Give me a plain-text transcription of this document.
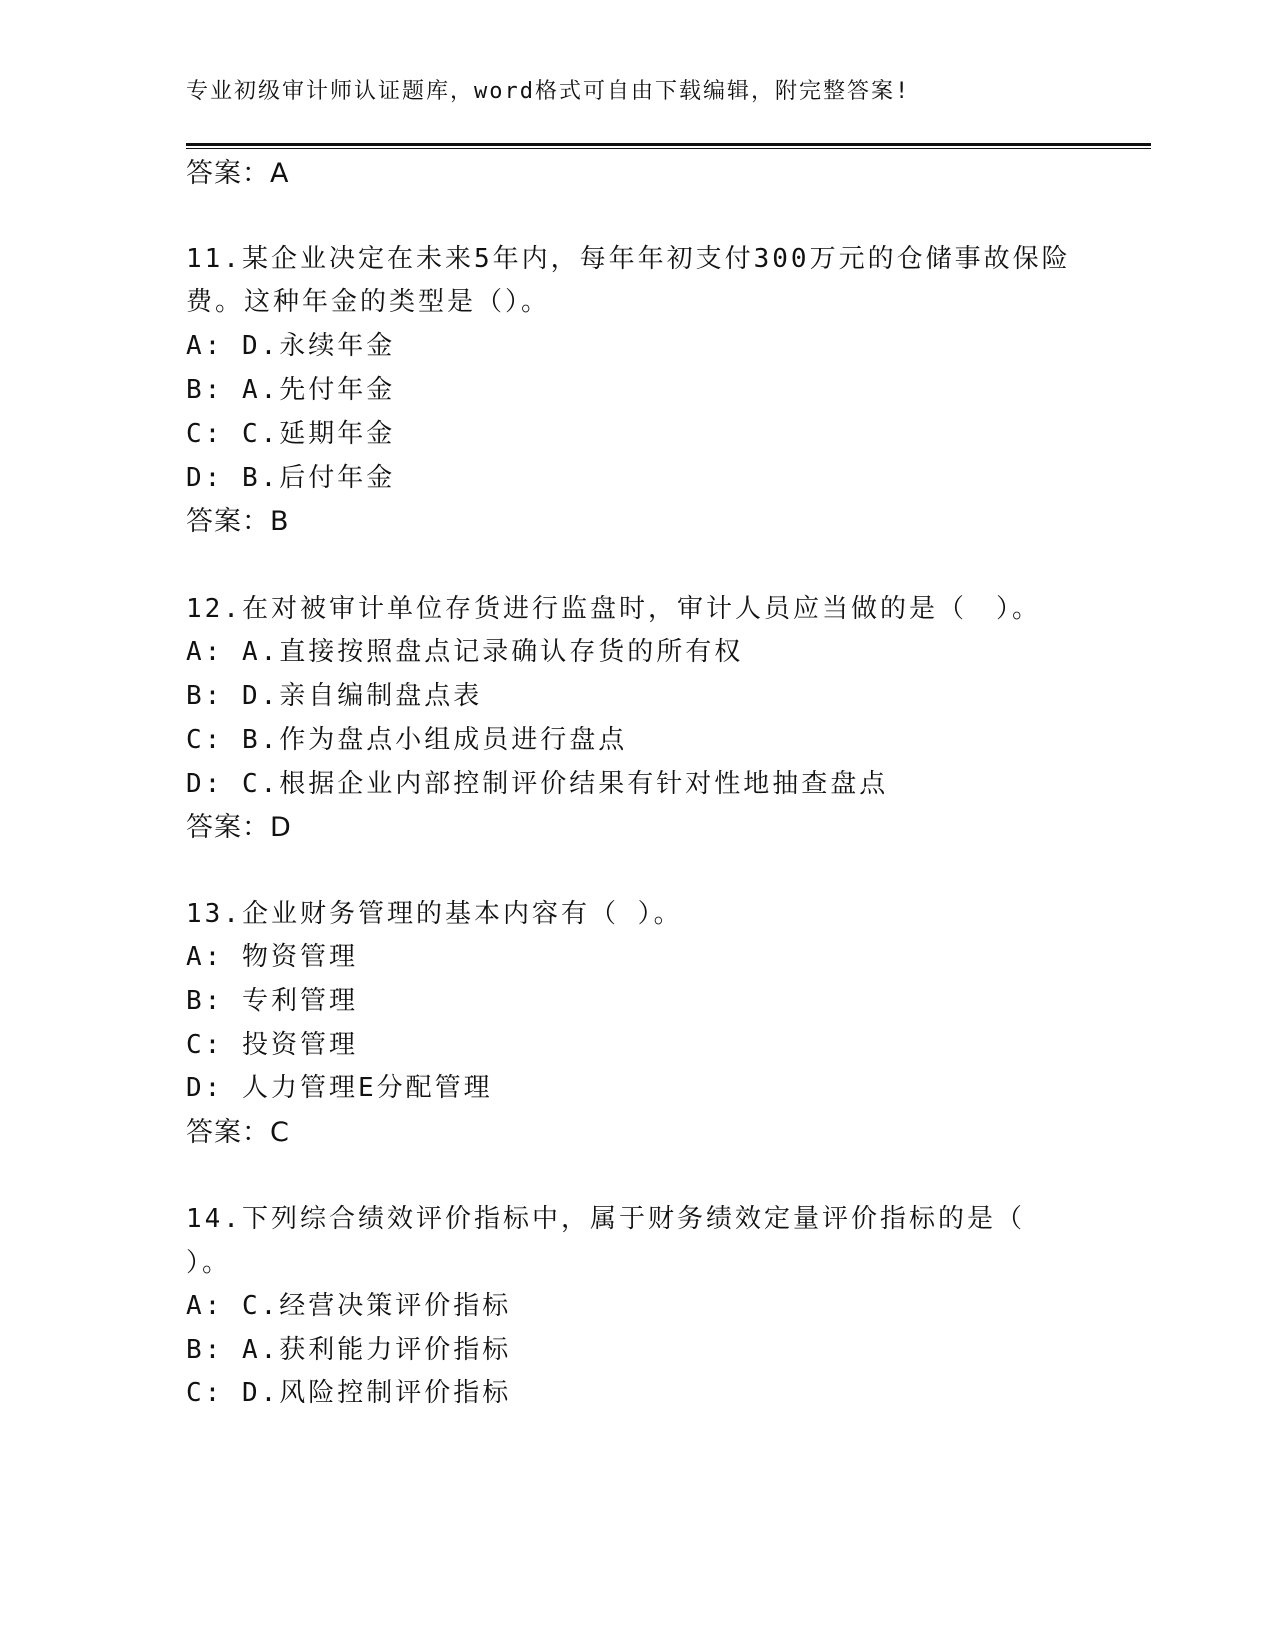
专业初级审计师认证题库，word格式可自由下载编辑，附完整答案!
答案：A
11.某企业决定在未来5年内，每年年初支付300万元的仓储事故保险
费。这种年金的类型是（）。
A: D.永续年金
B: A.先付年金
C: C.延期年金
D: B.后付年金
答案：B
12.在对被审计单位存货进行监盘时，审计人员应当做的是（　）。
A: A.直接按照盘点记录确认存货的所有权
B: D.亲自编制盘点表
C: B.作为盘点小组成员进行盘点
D: C.根据企业内部控制评价结果有针对性地抽查盘点
答案：D
13.企业财务管理的基本内容有（ ）。
A: 物资管理
B: 专利管理
C: 投资管理
D: 人力管理E分配管理
答案：C
14.下列综合绩效评价指标中，属于财务绩效定量评价指标的是（
）。
A: C.经营决策评价指标
B: A.获利能力评价指标
C: D.风险控制评价指标
